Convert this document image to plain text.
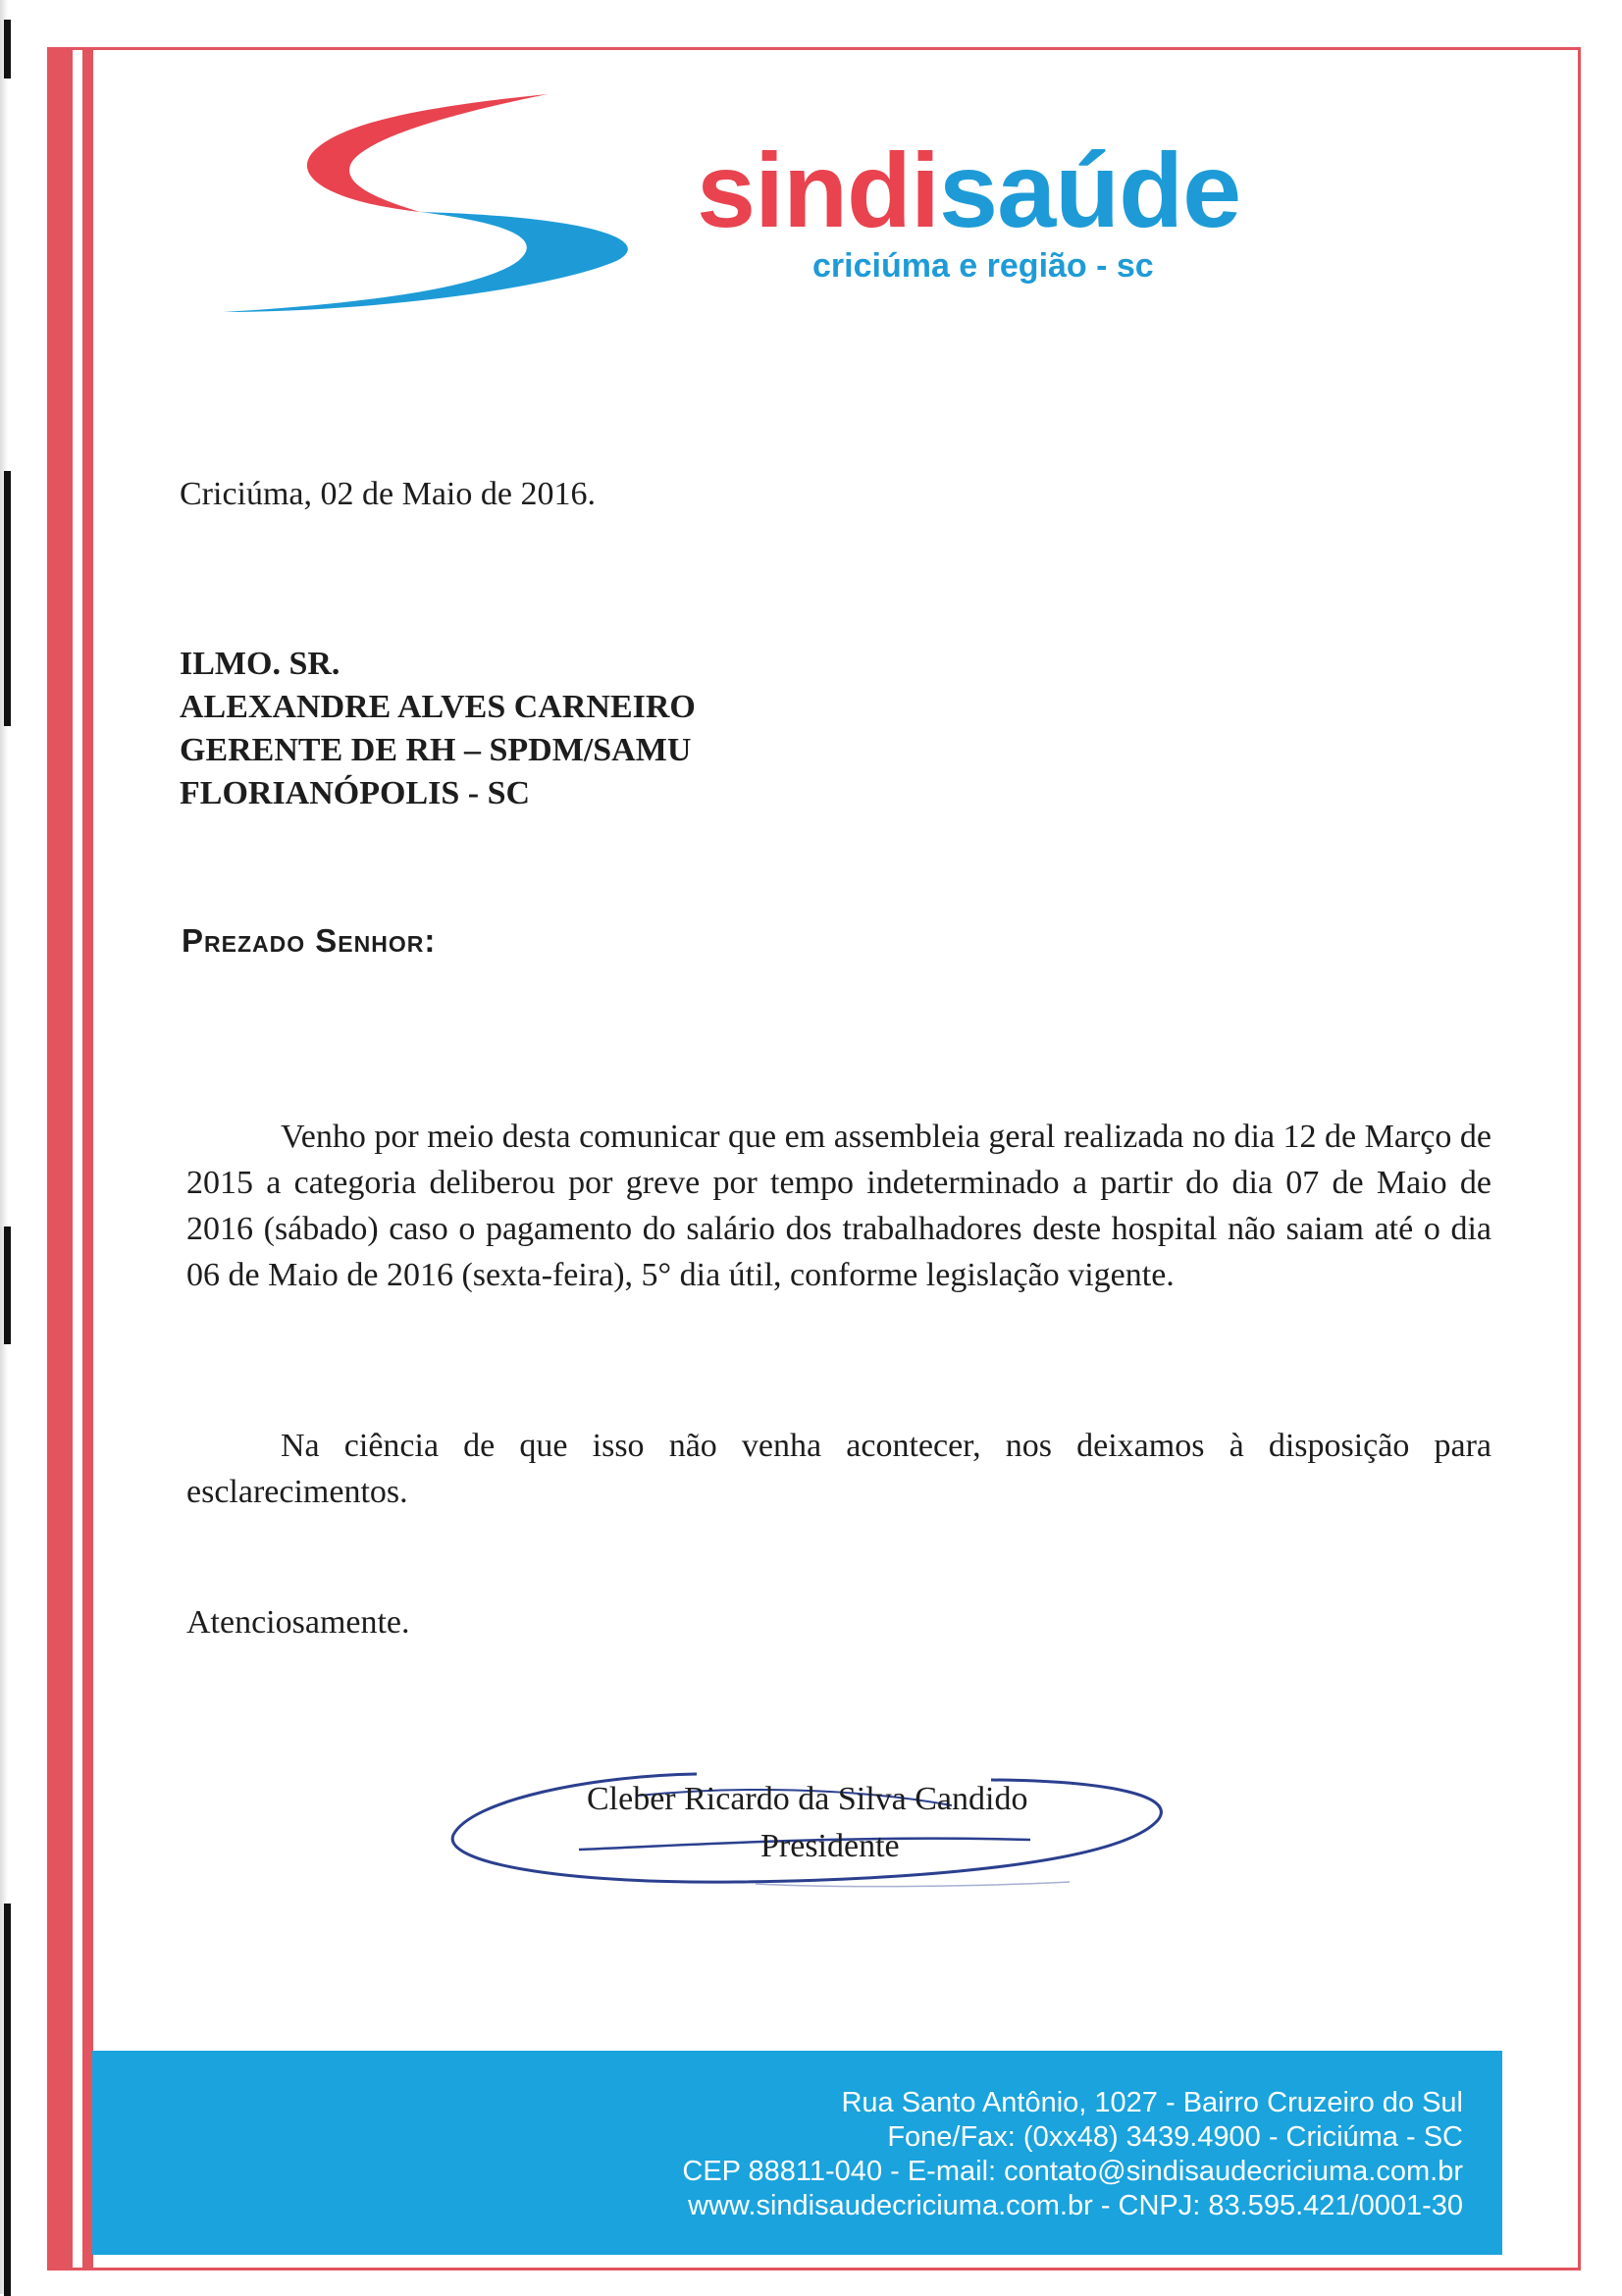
sindisaúde
criciúma e região - sc
Criciúma, 02 de Maio de 2016.
ILMO. SR.
ALEXANDRE ALVES CARNEIRO
GERENTE DE RH – SPDM/SAMU
FLORIANÓPOLIS - SC
Prezado Senhor:
Venho por meio desta comunicar que em assembleia geral realizada no dia 12 de Março de 2015 a categoria deliberou por greve por tempo indeterminado a partir do dia 07 de Maio de 2016 (sábado) caso o pagamento do salário dos trabalhadores deste hospital não saiam até o dia 06 de Maio de 2016 (sexta-feira), 5° dia útil, conforme legislação vigente.
Na ciência de que isso não venha acontecer, nos deixamos à disposição para esclarecimentos.
Atenciosamente.
Cleber Ricardo da Silva Candido
Presidente
Rua Santo Antônio, 1027 - Bairro Cruzeiro do Sul
Fone/Fax: (0xx48) 3439.4900 - Criciúma - SC
CEP 88811-040 - E-mail: contato@sindisaudecriciuma.com.br
www.sindisaudecriciuma.com.br - CNPJ: 83.595.421/0001-30
